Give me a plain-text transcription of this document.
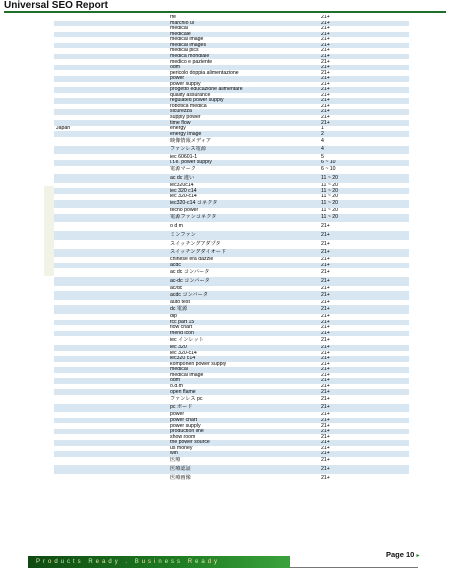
Universal SEO Report
	rfe	21+
	marchio ul	21+
	medical	21+
	medicale	21+
	medical image	21+
	medical images	21+
	medical pics	21+
	medica mondiale	21+
	medico e paziente	21+
	odm	21+
	pericolo doppia alimentazione	21+
	power	21+
	power supply	21+
	progetto educazione alimentare	21+
	quality assurance	21+
	regulated power supply	21+
	robotica medica	21+
	sicurezza	21+
	supply power	21+
	time flow	21+
Japan	energy	1
	energy image	2
	映像情報メディア	4
	ファンレス電源	4
	iec 60601-1	5
	i.t.e. power supply	6 ~ 10
	電源マーク	6 ~ 10
	ac dc 違い	11 ~ 20
	iec320c14	11 ~ 20
	iec 320 c14	11 ~ 20
	iec 320-c14	11 ~ 20
	iec320-c14 コネクタ	11 ~ 20
	tecno power	11 ~ 20
	電源ファンコネクタ	11 ~ 20
	o d m	21+
	ミンファン	21+
	スイッチングアダプタ	21+
	スイッチングダイオード	21+
	chinese era dazzle	21+
	acdc	21+
	ac dc コンバータ	21+
	ac-dc コンバータ	21+
	ac/dc	21+
	acdc コンバータ	21+
	auto test	21+
	dc 電源	21+
	dip	21+
	fcc part 15	21+
	flow chart	21+
	friend icon	21+
	iec インレット	21+
	iec 320	21+
	iec 320-c14	21+
	iec320 c14	21+
	komponen power supply	21+
	medical	21+
	medical image	21+
	odm	21+
	o.d.m	21+
	open flame	21+
	ファンレス pc	21+
	pc ボード	21+
	power	21+
	power chart	21+
	power supply	21+
	production line	21+
	show room	21+
	the power source	21+
	us money	21+
	win	21+
	医療	21+
	医療認証	21+
	医療画像	21+
Products Ready . Business Ready
Page 10 ▸
